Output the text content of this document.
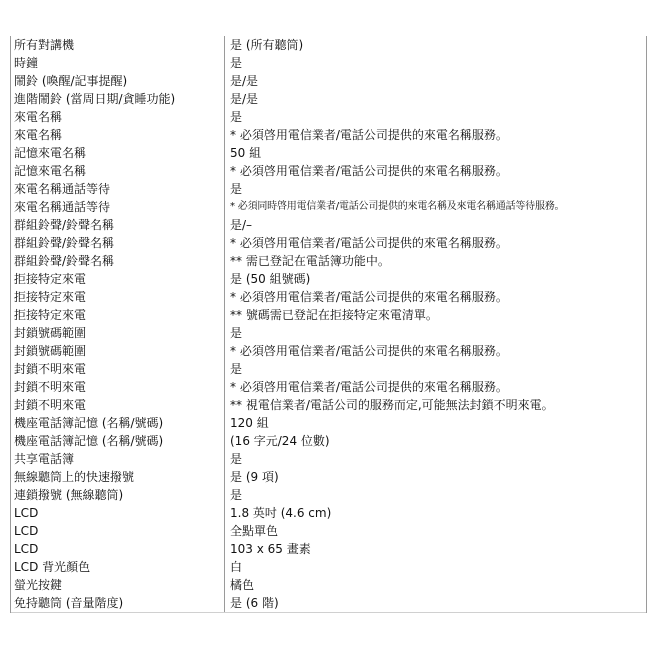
所有對講機	是 (所有聽筒)
時鐘	是
鬧鈴 (喚醒/記事提醒)	是/是
進階鬧鈴 (當周日期/貪睡功能)	是/是
來電名稱	是
來電名稱	* 必須啓用電信業者/電話公司提供的來電名稱服務。
記憶來電名稱	50 組
記憶來電名稱	* 必須啓用電信業者/電話公司提供的來電名稱服務。
來電名稱通話等待	是
來電名稱通話等待	* 必須同時啓用電信業者/電話公司提供的來電名稱及來電名稱通話等待服務。
群組鈴聲/鈴聲名稱	是/–
群組鈴聲/鈴聲名稱	* 必須啓用電信業者/電話公司提供的來電名稱服務。
群組鈴聲/鈴聲名稱	** 需已登記在電話簿功能中。
拒接特定來電	是 (50 組號碼)
拒接特定來電	* 必須啓用電信業者/電話公司提供的來電名稱服務。
拒接特定來電	** 號碼需已登記在拒接特定來電清單。
封鎖號碼範圍	是
封鎖號碼範圍	* 必須啓用電信業者/電話公司提供的來電名稱服務。
封鎖不明來電	是
封鎖不明來電	* 必須啓用電信業者/電話公司提供的來電名稱服務。
封鎖不明來電	** 視電信業者/電話公司的服務而定,可能無法封鎖不明來電。
機座電話簿記憶 (名稱/號碼)	120 組
機座電話簿記憶 (名稱/號碼)	(16 字元/24 位數)
共享電話簿	是
無線聽筒上的快速撥號	是 (9 項)
連鎖撥號 (無線聽筒)	是
LCD	1.8 英吋 (4.6 cm)
LCD	全點單色
LCD	103 x 65 畫素
LCD 背光顏色	白
螢光按鍵	橘色
免持聽筒 (音量階度)	是 (6 階)
